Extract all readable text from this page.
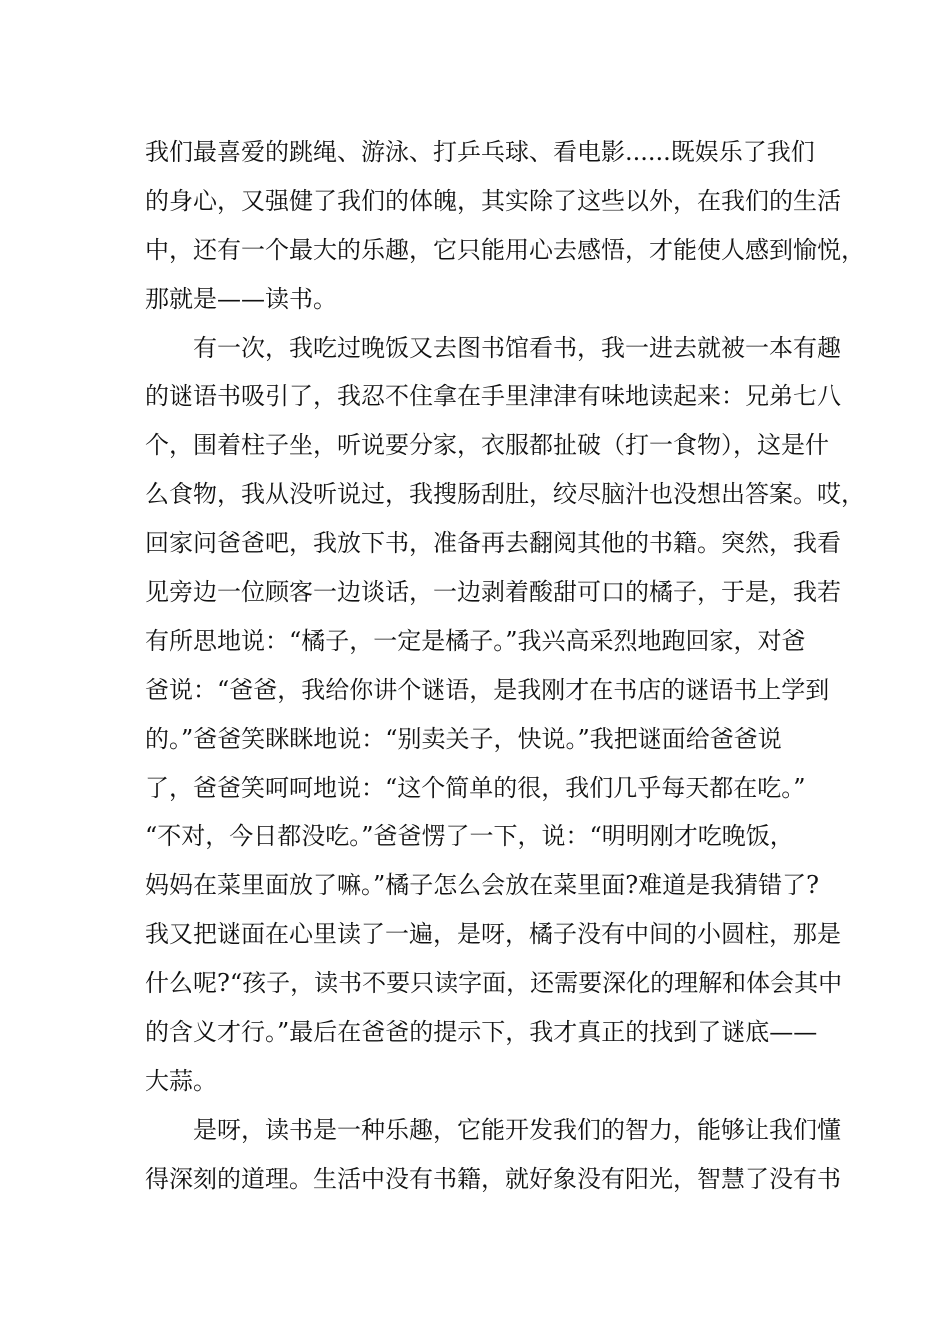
我们最喜爱的跳绳、游泳、打乒乓球、看电影......既娱乐了我们
的身心，又强健了我们的体魄，其实除了这些以外，在我们的生活
中，还有一个最大的乐趣，它只能用心去感悟，才能使人感到愉悦，
那就是——读书。
有一次，我吃过晚饭又去图书馆看书，我一进去就被一本有趣
的谜语书吸引了，我忍不住拿在手里津津有味地读起来：兄弟七八
个，围着柱子坐，听说要分家，衣服都扯破（打一食物），这是什
么食物，我从没听说过，我搜肠刮肚，绞尽脑汁也没想出答案。哎，
回家问爸爸吧，我放下书，准备再去翻阅其他的书籍。突然，我看
见旁边一位顾客一边谈话，一边剥着酸甜可口的橘子，于是，我若
有所思地说：“橘子，一定是橘子。”我兴高采烈地跑回家，对爸
爸说：“爸爸，我给你讲个谜语，是我刚才在书店的谜语书上学到
的。”爸爸笑眯眯地说：“别卖关子，快说。”我把谜面给爸爸说
了，爸爸笑呵呵地说：“这个简单的很，我们几乎每天都在吃。”
“不对，今日都没吃。”爸爸愣了一下，说：“明明刚才吃晚饭，
妈妈在菜里面放了嘛。”橘子怎么会放在菜里面?难道是我猜错了?
我又把谜面在心里读了一遍，是呀，橘子没有中间的小圆柱，那是
什么呢?“孩子，读书不要只读字面，还需要深化的理解和体会其中
的含义才行。”最后在爸爸的提示下，我才真正的找到了谜底——
大蒜。
是呀，读书是一种乐趣，它能开发我们的智力，能够让我们懂
得深刻的道理。生活中没有书籍，就好象没有阳光，智慧了没有书
